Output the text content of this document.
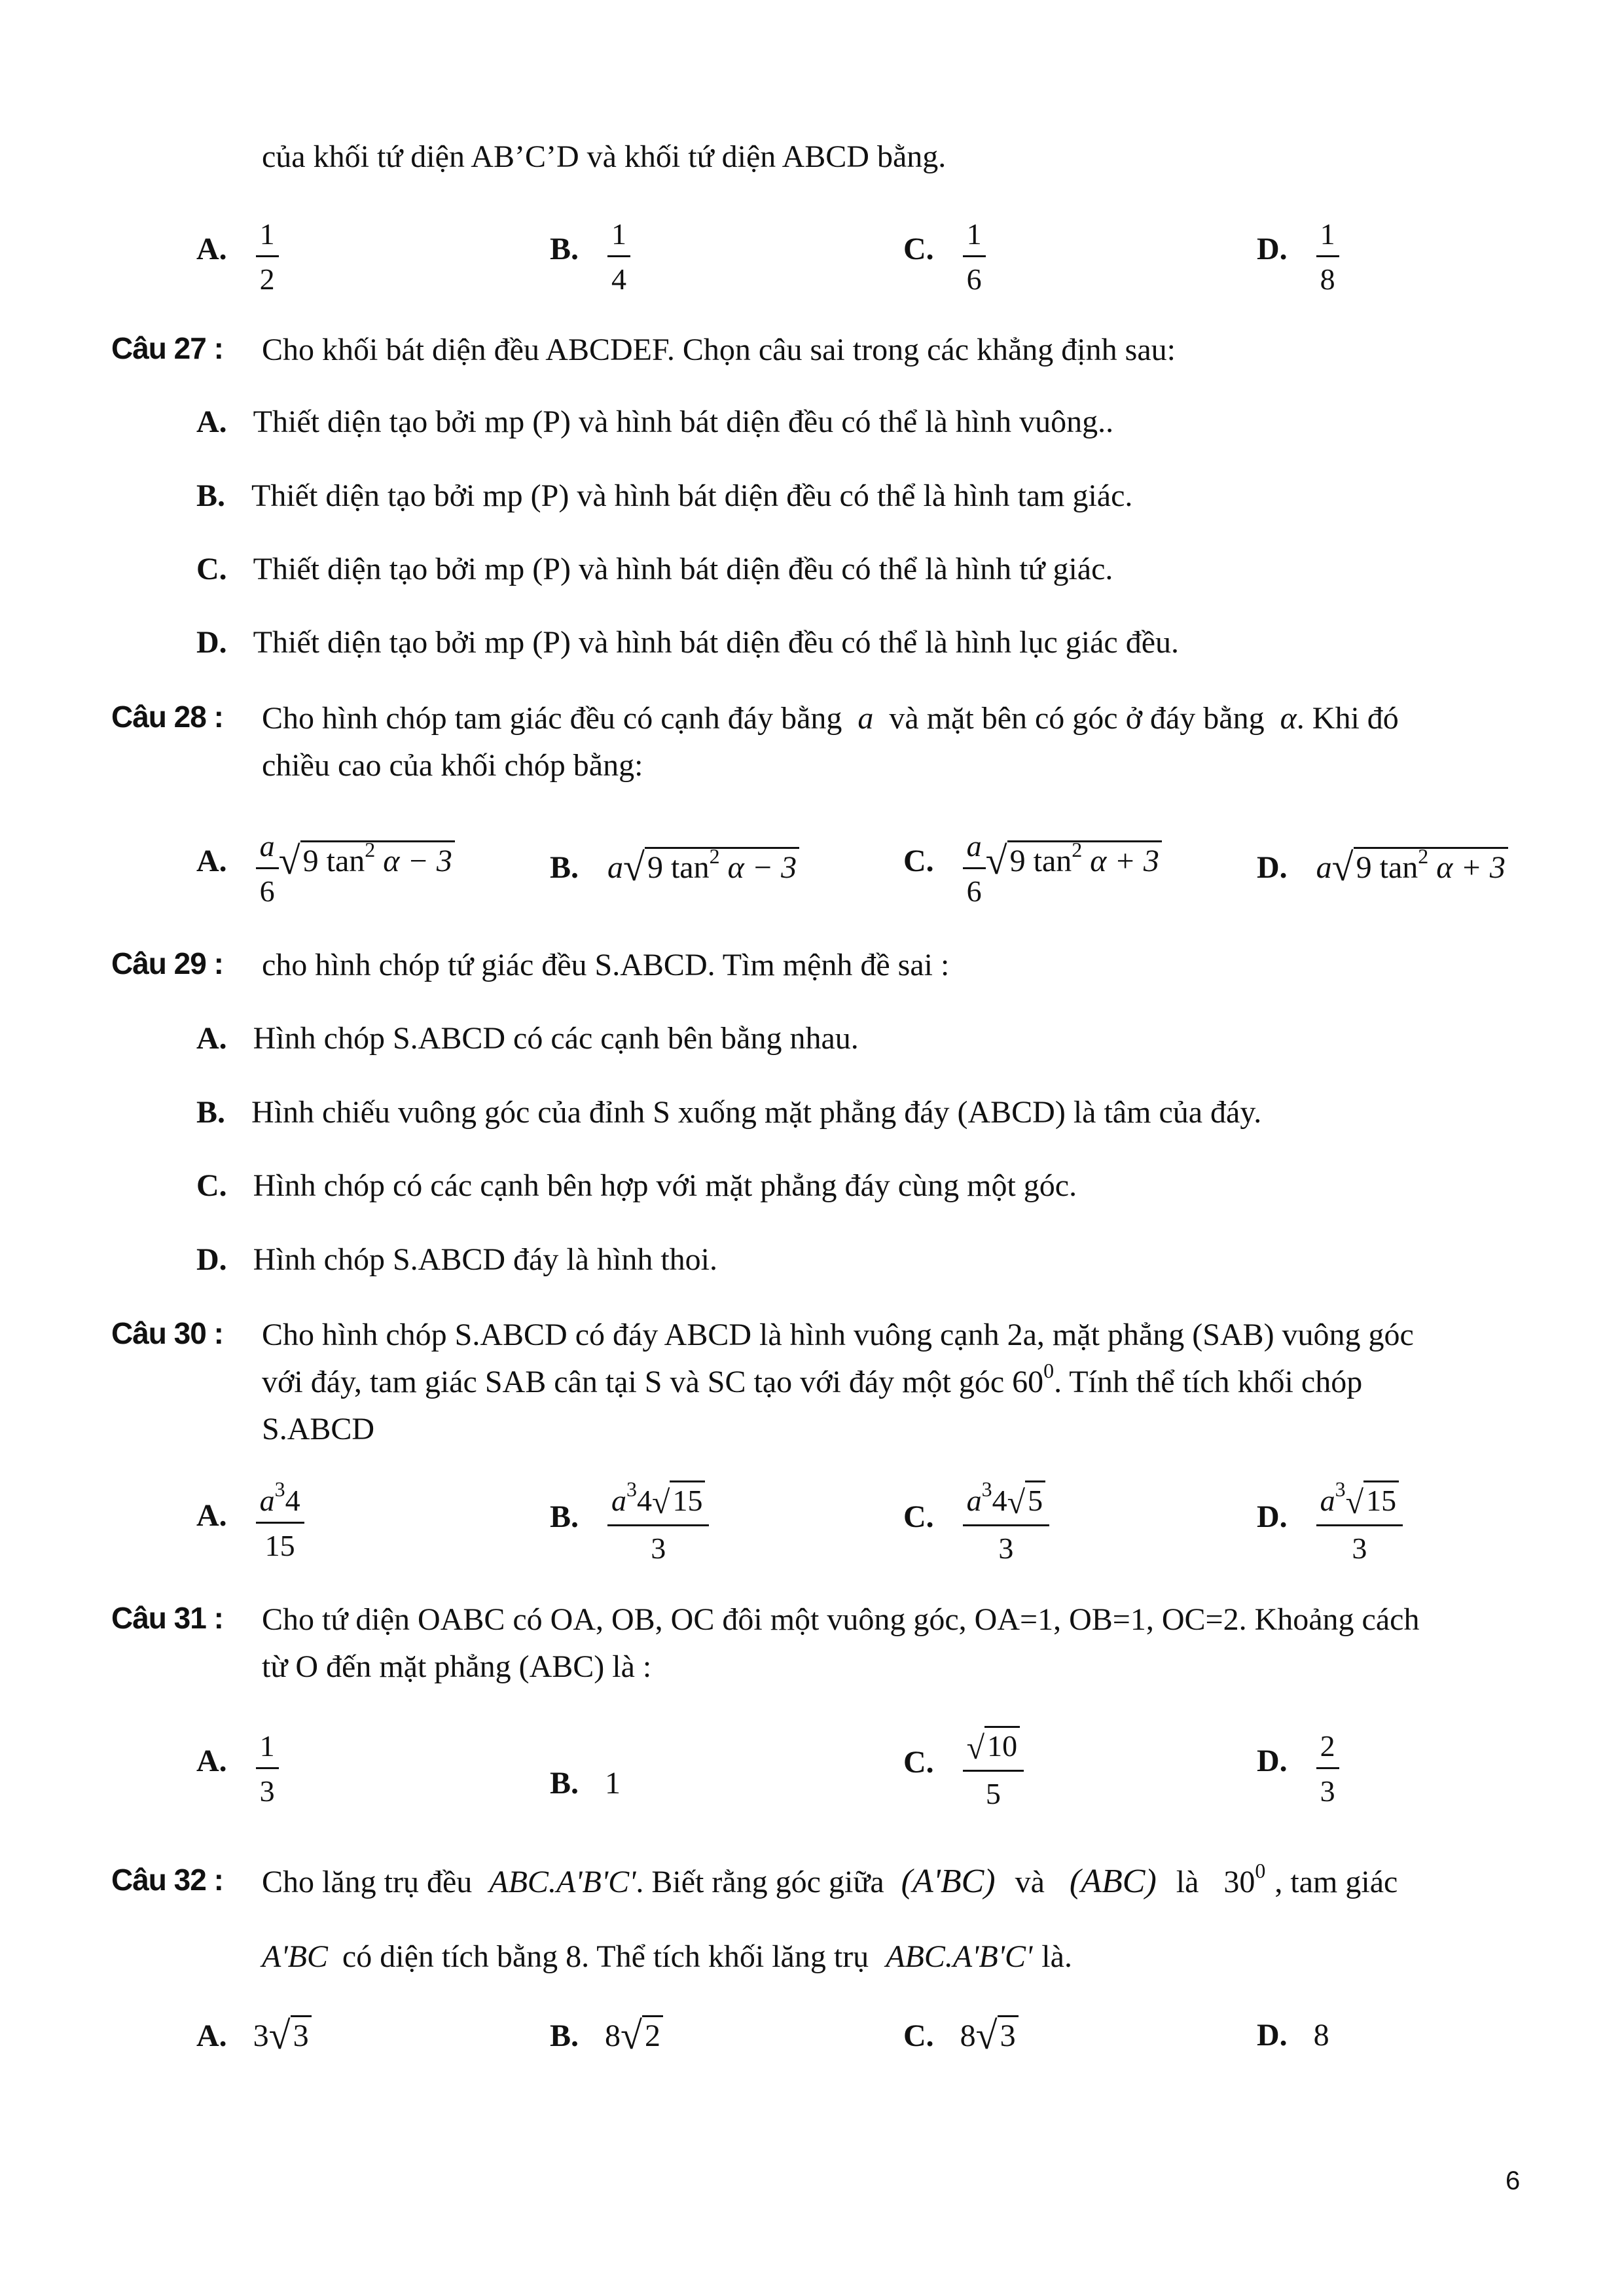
của khối tứ diện AB’C’D và khối tứ diện ABCD bằng.
A. $\frac{1}{2}$	B. $\frac{1}{4}$	C. $\frac{1}{6}$	D. $\frac{1}{8}$
Câu 27 : Cho khối bát diện đều ABCDEF. Chọn câu sai trong các khẳng định sau:
A. Thiết diện tạo bởi mp (P) và hình bát diện đều có thể là hình vuông..
B. Thiết diện tạo bởi mp (P) và hình bát diện đều có thể là hình tam giác.
C. Thiết diện tạo bởi mp (P) và hình bát diện đều có thể là hình tứ giác.
D. Thiết diện tạo bởi mp (P) và hình bát diện đều có thể là hình lục giác đều.
Câu 28 : Cho hình chóp tam giác đều có cạnh đáy bằng a và mặt bên có góc ở đáy bằng α. Khi đó
chiều cao của khối chóp bằng:
A. $\frac{a}{6} √9$ $\tan^2 \alpha - 3$	B. a√9 $\tan^2 \alpha - 3$	C. $\frac{a}{6} √9$ $\tan^2 \alpha + 3$	D. a√9 $\tan^2 \alpha + 3$
Câu 29 : cho hình chóp tứ giác đều S.ABCD. Tìm mệnh đề sai :
A. Hình chóp S.ABCD có các cạnh bên bằng nhau.
B. Hình chiếu vuông góc của đỉnh S xuống mặt phẳng đáy (ABCD) là tâm của đáy.
C. Hình chóp có các cạnh bên hợp với mặt phẳng đáy cùng một góc.
D. Hình chóp S.ABCD đáy là hình thoi.
Câu 30 : Cho hình chóp S.ABCD có đáy ABCD là hình vuông cạnh 2a, mặt phẳng (SAB) vuông góc
với đáy, tam giác SAB cân tại S và SC tạo với đáy một góc $60^0$. Tính thể tích khối chóp
S.ABCD
A. $\frac{a^34}{15}$	B. $\frac{a^34√15}{3}$	C. $\frac{a^34√5}{3}$	D. $\frac{a^3√15}{3}$
Câu 31 : Cho tứ diện OABC có OA, OB, OC đôi một vuông góc, OA=1, OB=1, OC=2. Khoảng cách
từ O đến mặt phẳng (ABC) là :
A. $\frac{1}{3}$	B. 1
C. $\frac{√10}{5}$	D. $\frac{2}{3}$
Câu 32 : Cho lăng trụ đều ABC.A'B'C'. Biết rằng góc giữa (A'BC) và (ABC) là $30^0$ , tam giác
A'BC có diện tích bằng 8. Thể tích khối lăng trụ ABC.A'B'C' là.
A. 3√3	B. 8√2	C. 8√3	D. 8
6
